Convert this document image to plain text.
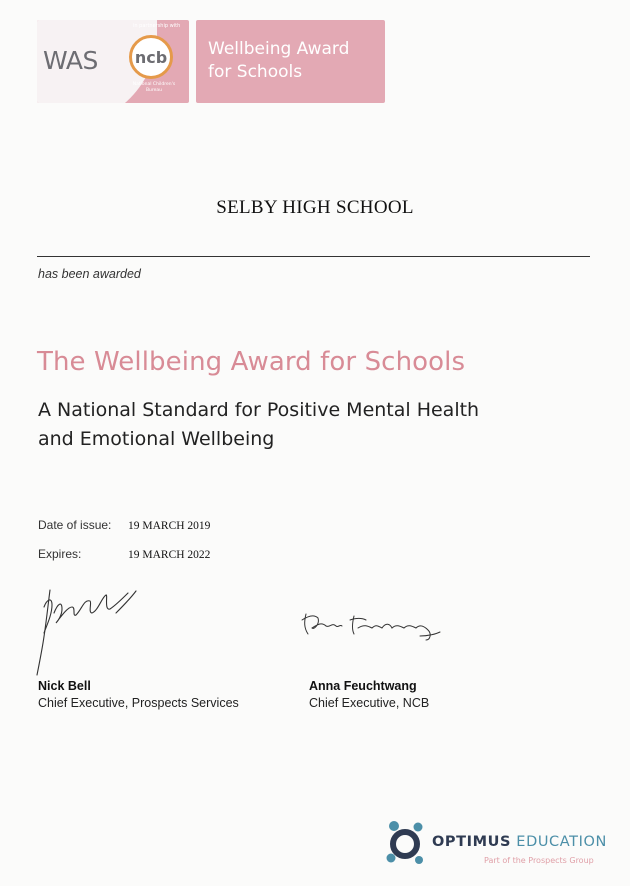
WAS
in partnership with
ncb
National Children's Bureau
Wellbeing Award
for Schools
SELBY HIGH SCHOOL
has been awarded
The Wellbeing Award for Schools
A National Standard for Positive Mental Health
and Emotional Wellbeing
Date of issue: 19 MARCH 2019
Expires:	19 MARCH 2022
Nick Bell
Chief Executive, Prospects Services
Anna Feuchtwang
Chief Executive, NCB
OPTIMUS EDUCATION
Part of the Prospects Group
